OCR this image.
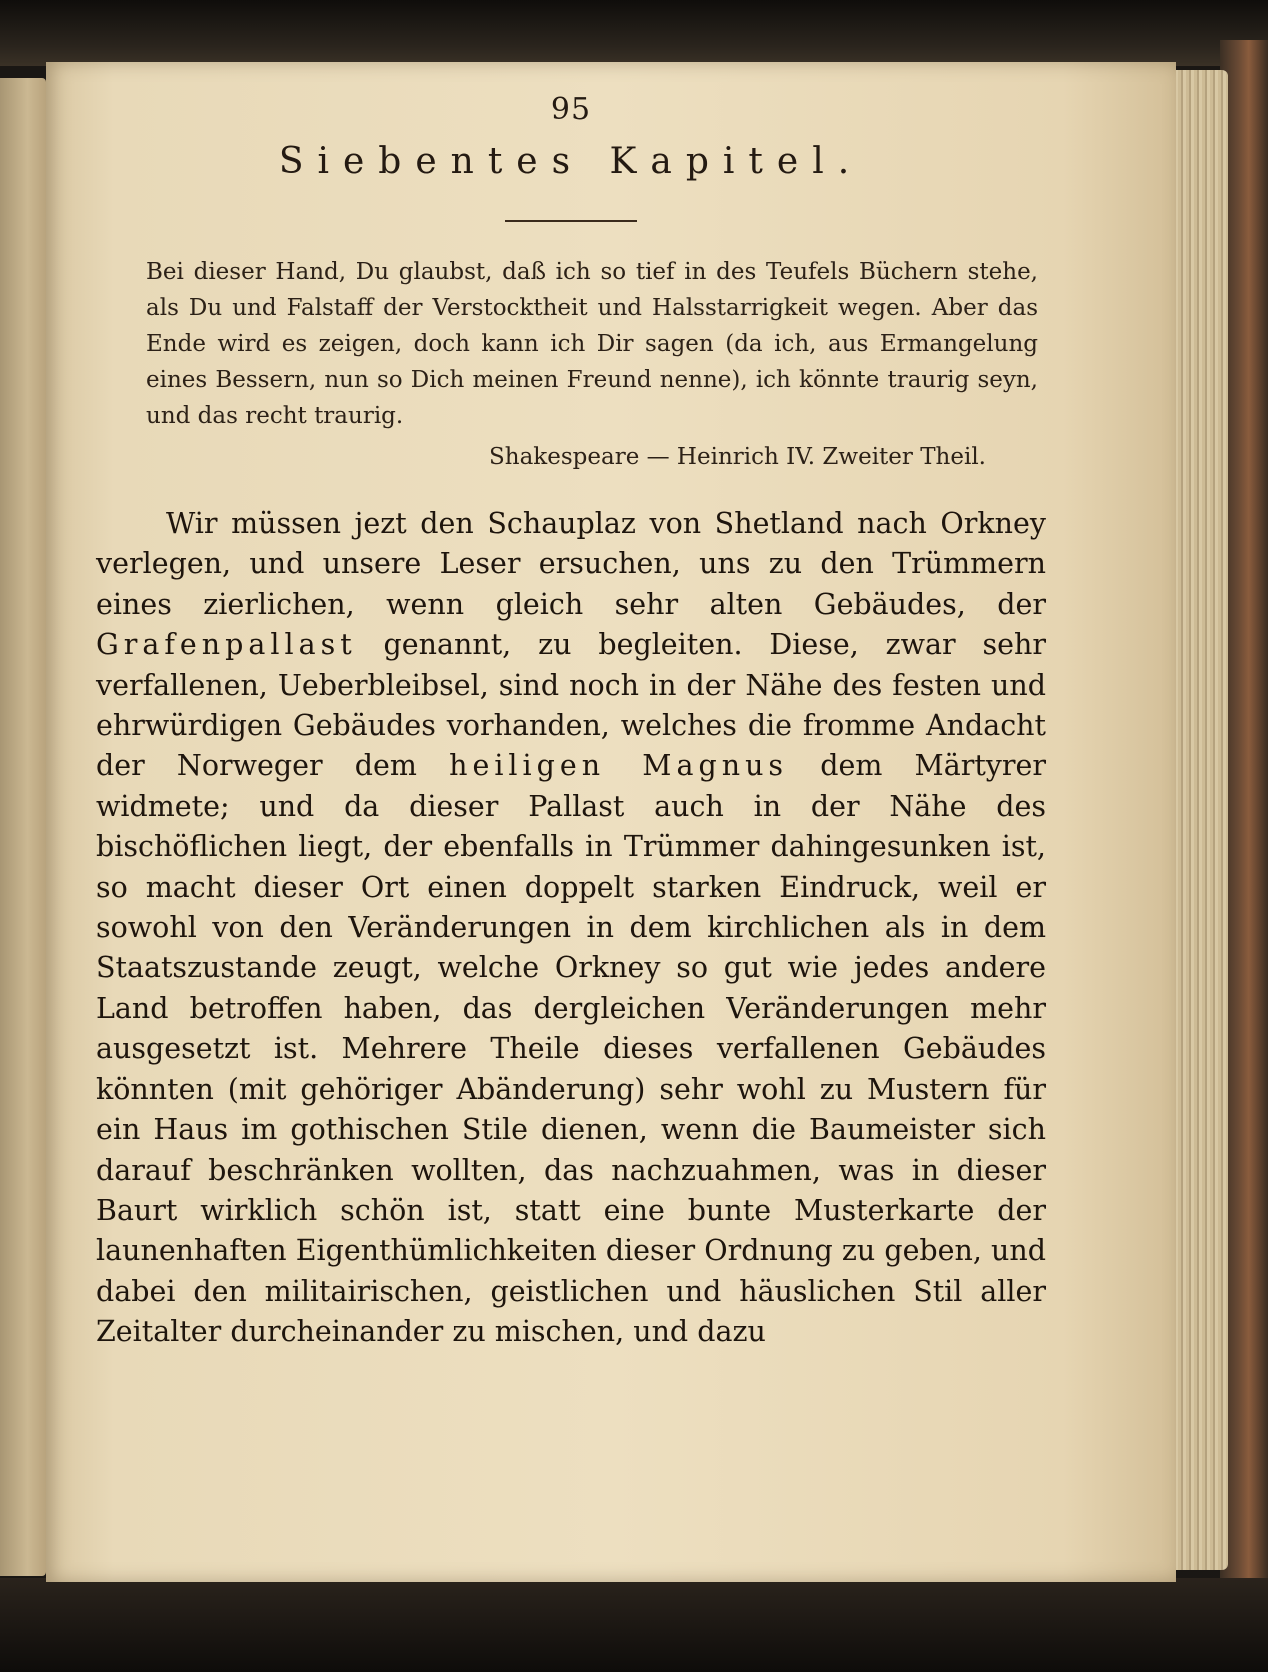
95
Siebentes Kapitel.

Bei dieser Hand, Du glaubst, daß ich so tief in des Teufels Büchern stehe, als Du und Falstaff der Verstocktheit und Halsstarrigkeit wegen. Aber das Ende wird es zeigen, doch kann ich Dir sagen (da ich, aus Ermangelung eines Bessern, nun so Dich meinen Freund nenne), ich könnte traurig seyn, und das recht traurig.

Shakespeare — Heinrich IV. Zweiter Theil.

Wir müssen jezt den Schauplaz von Shetland nach Orkney verlegen, und unsere Leser ersuchen, uns zu den Trümmern eines zierlichen, wenn gleich sehr alten Gebäudes, der Grafenpallast genannt, zu begleiten. Diese, zwar sehr verfallenen, Ueberbleibsel, sind noch in der Nähe des festen und ehrwürdigen Gebäudes vorhanden, welches die fromme Andacht der Norweger dem heiligen Magnus dem Märtyrer widmete; und da dieser Pallast auch in der Nähe des bischöflichen liegt, der ebenfalls in Trümmer dahingesunken ist, so macht dieser Ort einen doppelt starken Eindruck, weil er sowohl von den Veränderungen in dem kirchlichen als in dem Staatszustande zeugt, welche Orkney so gut wie jedes andere Land betroffen haben, das dergleichen Veränderungen mehr ausgesetzt ist. Mehrere Theile dieses verfallenen Gebäudes könnten (mit gehöriger Abänderung) sehr wohl zu Mustern für ein Haus im gothischen Stile dienen, wenn die Baumeister sich darauf beschränken wollten, das nachzuahmen, was in dieser Baurt wirklich schön ist, statt eine bunte Musterkarte der launenhaften Eigenthümlichkeiten dieser Ordnung zu geben, und dabei den militairischen, geistlichen und häuslichen Stil aller Zeitalter durcheinander zu mischen, und dazu
